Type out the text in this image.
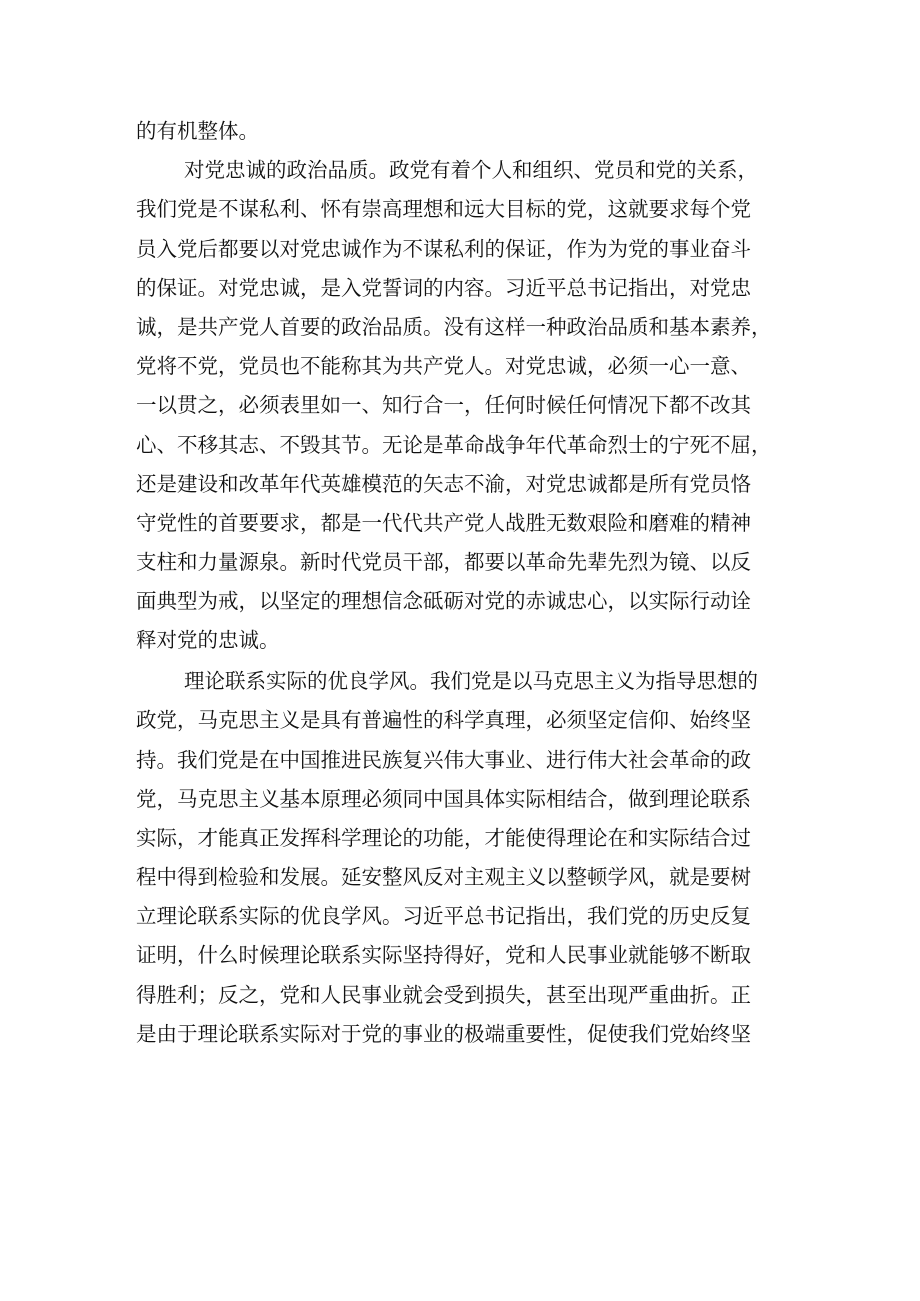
的有机整体。
对党忠诚的政治品质。政党有着个人和组织、党员和党的关系，
我们党是不谋私利、怀有崇高理想和远大目标的党，这就要求每个党
员入党后都要以对党忠诚作为不谋私利的保证，作为为党的事业奋斗
的保证。对党忠诚，是入党誓词的内容。习近平总书记指出，对党忠
诚，是共产党人首要的政治品质。没有这样一种政治品质和基本素养，
党将不党，党员也不能称其为共产党人。对党忠诚，必须一心一意、
一以贯之，必须表里如一、知行合一，任何时候任何情况下都不改其
心、不移其志、不毁其节。无论是革命战争年代革命烈士的宁死不屈，
还是建设和改革年代英雄模范的矢志不渝，对党忠诚都是所有党员恪
守党性的首要要求，都是一代代共产党人战胜无数艰险和磨难的精神
支柱和力量源泉。新时代党员干部，都要以革命先辈先烈为镜、以反
面典型为戒，以坚定的理想信念砥砺对党的赤诚忠心，以实际行动诠
释对党的忠诚。
理论联系实际的优良学风。我们党是以马克思主义为指导思想的
政党，马克思主义是具有普遍性的科学真理，必须坚定信仰、始终坚
持。我们党是在中国推进民族复兴伟大事业、进行伟大社会革命的政
党，马克思主义基本原理必须同中国具体实际相结合，做到理论联系
实际，才能真正发挥科学理论的功能，才能使得理论在和实际结合过
程中得到检验和发展。延安整风反对主观主义以整顿学风，就是要树
立理论联系实际的优良学风。习近平总书记指出，我们党的历史反复
证明，什么时候理论联系实际坚持得好，党和人民事业就能够不断取
得胜利；反之，党和人民事业就会受到损失，甚至出现严重曲折。正
是由于理论联系实际对于党的事业的极端重要性，促使我们党始终坚
